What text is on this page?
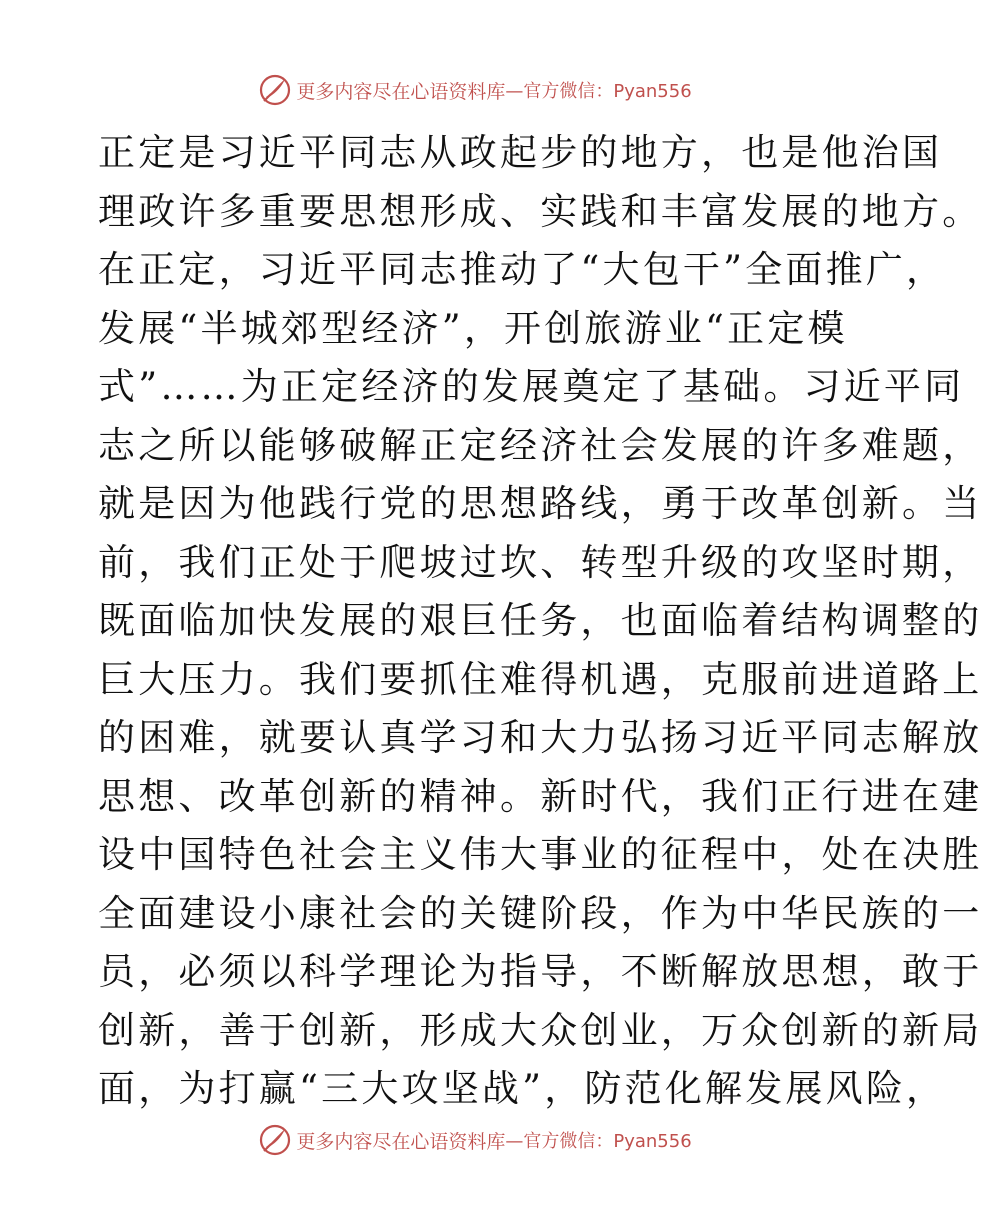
更多内容尽在心语资料库 —官方微信：Pyan556
正定是习近平同志从政起步的地方，也是他治国
理政许多重要思想形成、实践和丰富发展的地方。
在正定，习近平同志推动了“大包干”全面推广，
发展“半城郊型经济”，开创旅游业“正定模
式”……为正定经济的发展奠定了基础。习近平同
志之所以能够破解正定经济社会发展的许多难题，
就是因为他践行党的思想路线，勇于改革创新。当
前，我们正处于爬坡过坎、转型升级的攻坚时期，
既面临加快发展的艰巨任务，也面临着结构调整的
巨大压力。我们要抓住难得机遇，克服前进道路上
的困难，就要认真学习和大力弘扬习近平同志解放
思想、改革创新的精神。新时代，我们正行进在建
设中国特色社会主义伟大事业的征程中，处在决胜
全面建设小康社会的关键阶段，作为中华民族的一
员，必须以科学理论为指导，不断解放思想，敢于
创新，善于创新，形成大众创业，万众创新的新局
面，为打赢“三大攻坚战”，防范化解发展风险，
更多内容尽在心语资料库 —官方微信：Pyan556
